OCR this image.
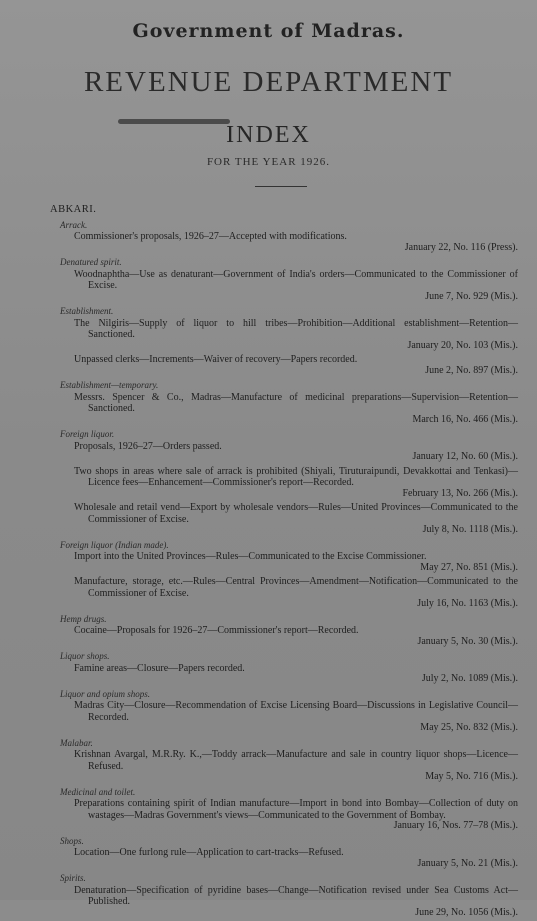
Government of Madras.
REVENUE DEPARTMENT
INDEX
FOR THE YEAR 1926.
ABKARI.
Arrack.
Commissioner's proposals, 1926–27—Accepted with modifications.
January 22, No. 116 (Press).
Denatured spirit.
Woodnaphtha—Use as denaturant—Government of India's orders—Communicated to the Commissioner of Excise.
June 7, No. 929 (Mis.).
Establishment.
The Nilgiris—Supply of liquor to hill tribes—Prohibition—Additional establishment—Retention—Sanctioned.
January 20, No. 103 (Mis.).
Unpassed clerks—Increments—Waiver of recovery—Papers recorded.
June 2, No. 897 (Mis.).
Establishment—temporary.
Messrs. Spencer & Co., Madras—Manufacture of medicinal preparations—Supervision—Retention—Sanctioned.
March 16, No. 466 (Mis.).
Foreign liquor.
Proposals, 1926–27—Orders passed.
January 12, No. 60 (Mis.).
Two shops in areas where sale of arrack is prohibited (Shiyali, Tiruturaipundi, Devakkottai and Tenkasi)—Licence fees—Enhancement—Commissioner's report—Recorded.
February 13, No. 266 (Mis.).
Wholesale and retail vend—Export by wholesale vendors—Rules—United Provinces—Communicated to the Commissioner of Excise.
July 8, No. 1118 (Mis.).
Foreign liquor (Indian made).
Import into the United Provinces—Rules—Communicated to the Excise Commissioner.
May 27, No. 851 (Mis.).
Manufacture, storage, etc.—Rules—Central Provinces—Amendment—Notification—Communicated to the Commissioner of Excise.
July 16, No. 1163 (Mis.).
Hemp drugs.
Cocaine—Proposals for 1926–27—Commissioner's report—Recorded.
January 5, No. 30 (Mis.).
Liquor shops.
Famine areas—Closure—Papers recorded.
July 2, No. 1089 (Mis.).
Liquor and opium shops.
Madras City—Closure—Recommendation of Excise Licensing Board—Discussions in Legislative Council—Recorded.
May 25, No. 832 (Mis.).
Malabar.
Krishnan Avargal, M.R.Ry. K.,—Toddy arrack—Manufacture and sale in country liquor shops—Licence—Refused.
May 5, No. 716 (Mis.).
Medicinal and toilet.
Preparations containing spirit of Indian manufacture—Import in bond into Bombay—Collection of duty on wastages—Madras Government's views—Communicated to the Government of Bombay.
January 16, Nos. 77–78 (Mis.).
Shops.
Location—One furlong rule—Application to cart-tracks—Refused.
January 5, No. 21 (Mis.).
Spirits.
Denaturation—Specification of pyridine bases—Change—Notification revised under Sea Customs Act—Published.
June 29, No. 1056 (Mis.).
